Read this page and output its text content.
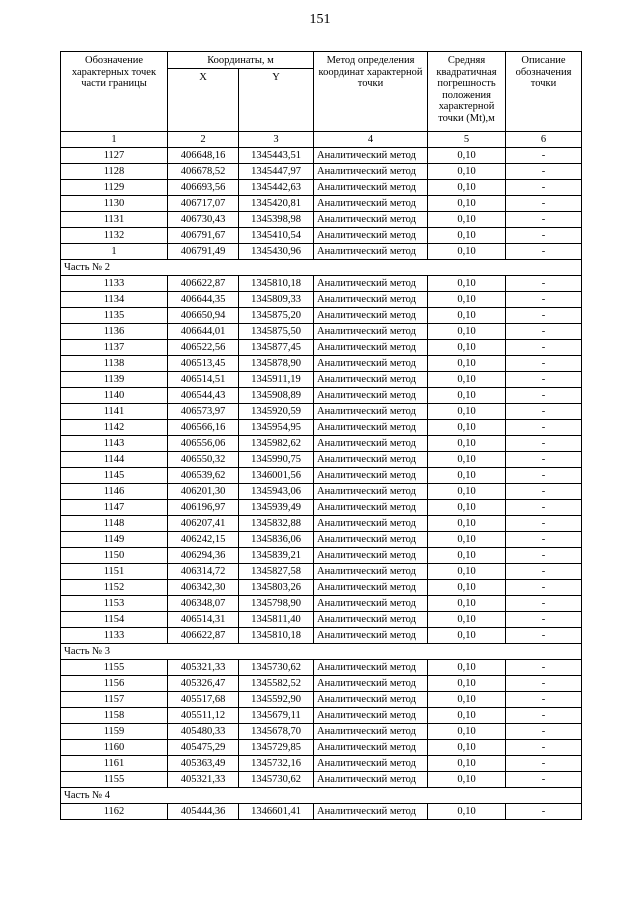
151
Обозначение характерных точек части границы	Координаты, м		Метод определения координат характерной точки	Средняя квадратичная погрешность положения характерной точки (Mt),м	Описание обозначения точки
	X	Y			
1	2	3	4	5	6
1127	406648,16	1345443,51	Аналитический метод	0,10	-
1128	406678,52	1345447,97	Аналитический метод	0,10	-
1129	406693,56	1345442,63	Аналитический метод	0,10	-
1130	406717,07	1345420,81	Аналитический метод	0,10	-
1131	406730,43	1345398,98	Аналитический метод	0,10	-
1132	406791,67	1345410,54	Аналитический метод	0,10	-
1	406791,49	1345430,96	Аналитический метод	0,10	-
Часть № 2					
1133	406622,87	1345810,18	Аналитический метод	0,10	-
1134	406644,35	1345809,33	Аналитический метод	0,10	-
1135	406650,94	1345875,20	Аналитический метод	0,10	-
1136	406644,01	1345875,50	Аналитический метод	0,10	-
1137	406522,56	1345877,45	Аналитический метод	0,10	-
1138	406513,45	1345878,90	Аналитический метод	0,10	-
1139	406514,51	1345911,19	Аналитический метод	0,10	-
1140	406544,43	1345908,89	Аналитический метод	0,10	-
1141	406573,97	1345920,59	Аналитический метод	0,10	-
1142	406566,16	1345954,95	Аналитический метод	0,10	-
1143	406556,06	1345982,62	Аналитический метод	0,10	-
1144	406550,32	1345990,75	Аналитический метод	0,10	-
1145	406539,62	1346001,56	Аналитический метод	0,10	-
1146	406201,30	1345943,06	Аналитический метод	0,10	-
1147	406196,97	1345939,49	Аналитический метод	0,10	-
1148	406207,41	1345832,88	Аналитический метод	0,10	-
1149	406242,15	1345836,06	Аналитический метод	0,10	-
1150	406294,36	1345839,21	Аналитический метод	0,10	-
1151	406314,72	1345827,58	Аналитический метод	0,10	-
1152	406342,30	1345803,26	Аналитический метод	0,10	-
1153	406348,07	1345798,90	Аналитический метод	0,10	-
1154	406514,31	1345811,40	Аналитический метод	0,10	-
1133	406622,87	1345810,18	Аналитический метод	0,10	-
Часть № 3					
1155	405321,33	1345730,62	Аналитический метод	0,10	-
1156	405326,47	1345582,52	Аналитический метод	0,10	-
1157	405517,68	1345592,90	Аналитический метод	0,10	-
1158	405511,12	1345679,11	Аналитический метод	0,10	-
1159	405480,33	1345678,70	Аналитический метод	0,10	-
1160	405475,29	1345729,85	Аналитический метод	0,10	-
1161	405363,49	1345732,16	Аналитический метод	0,10	-
1155	405321,33	1345730,62	Аналитический метод	0,10	-
Часть № 4					
1162	405444,36	1346601,41	Аналитический метод	0,10	-
